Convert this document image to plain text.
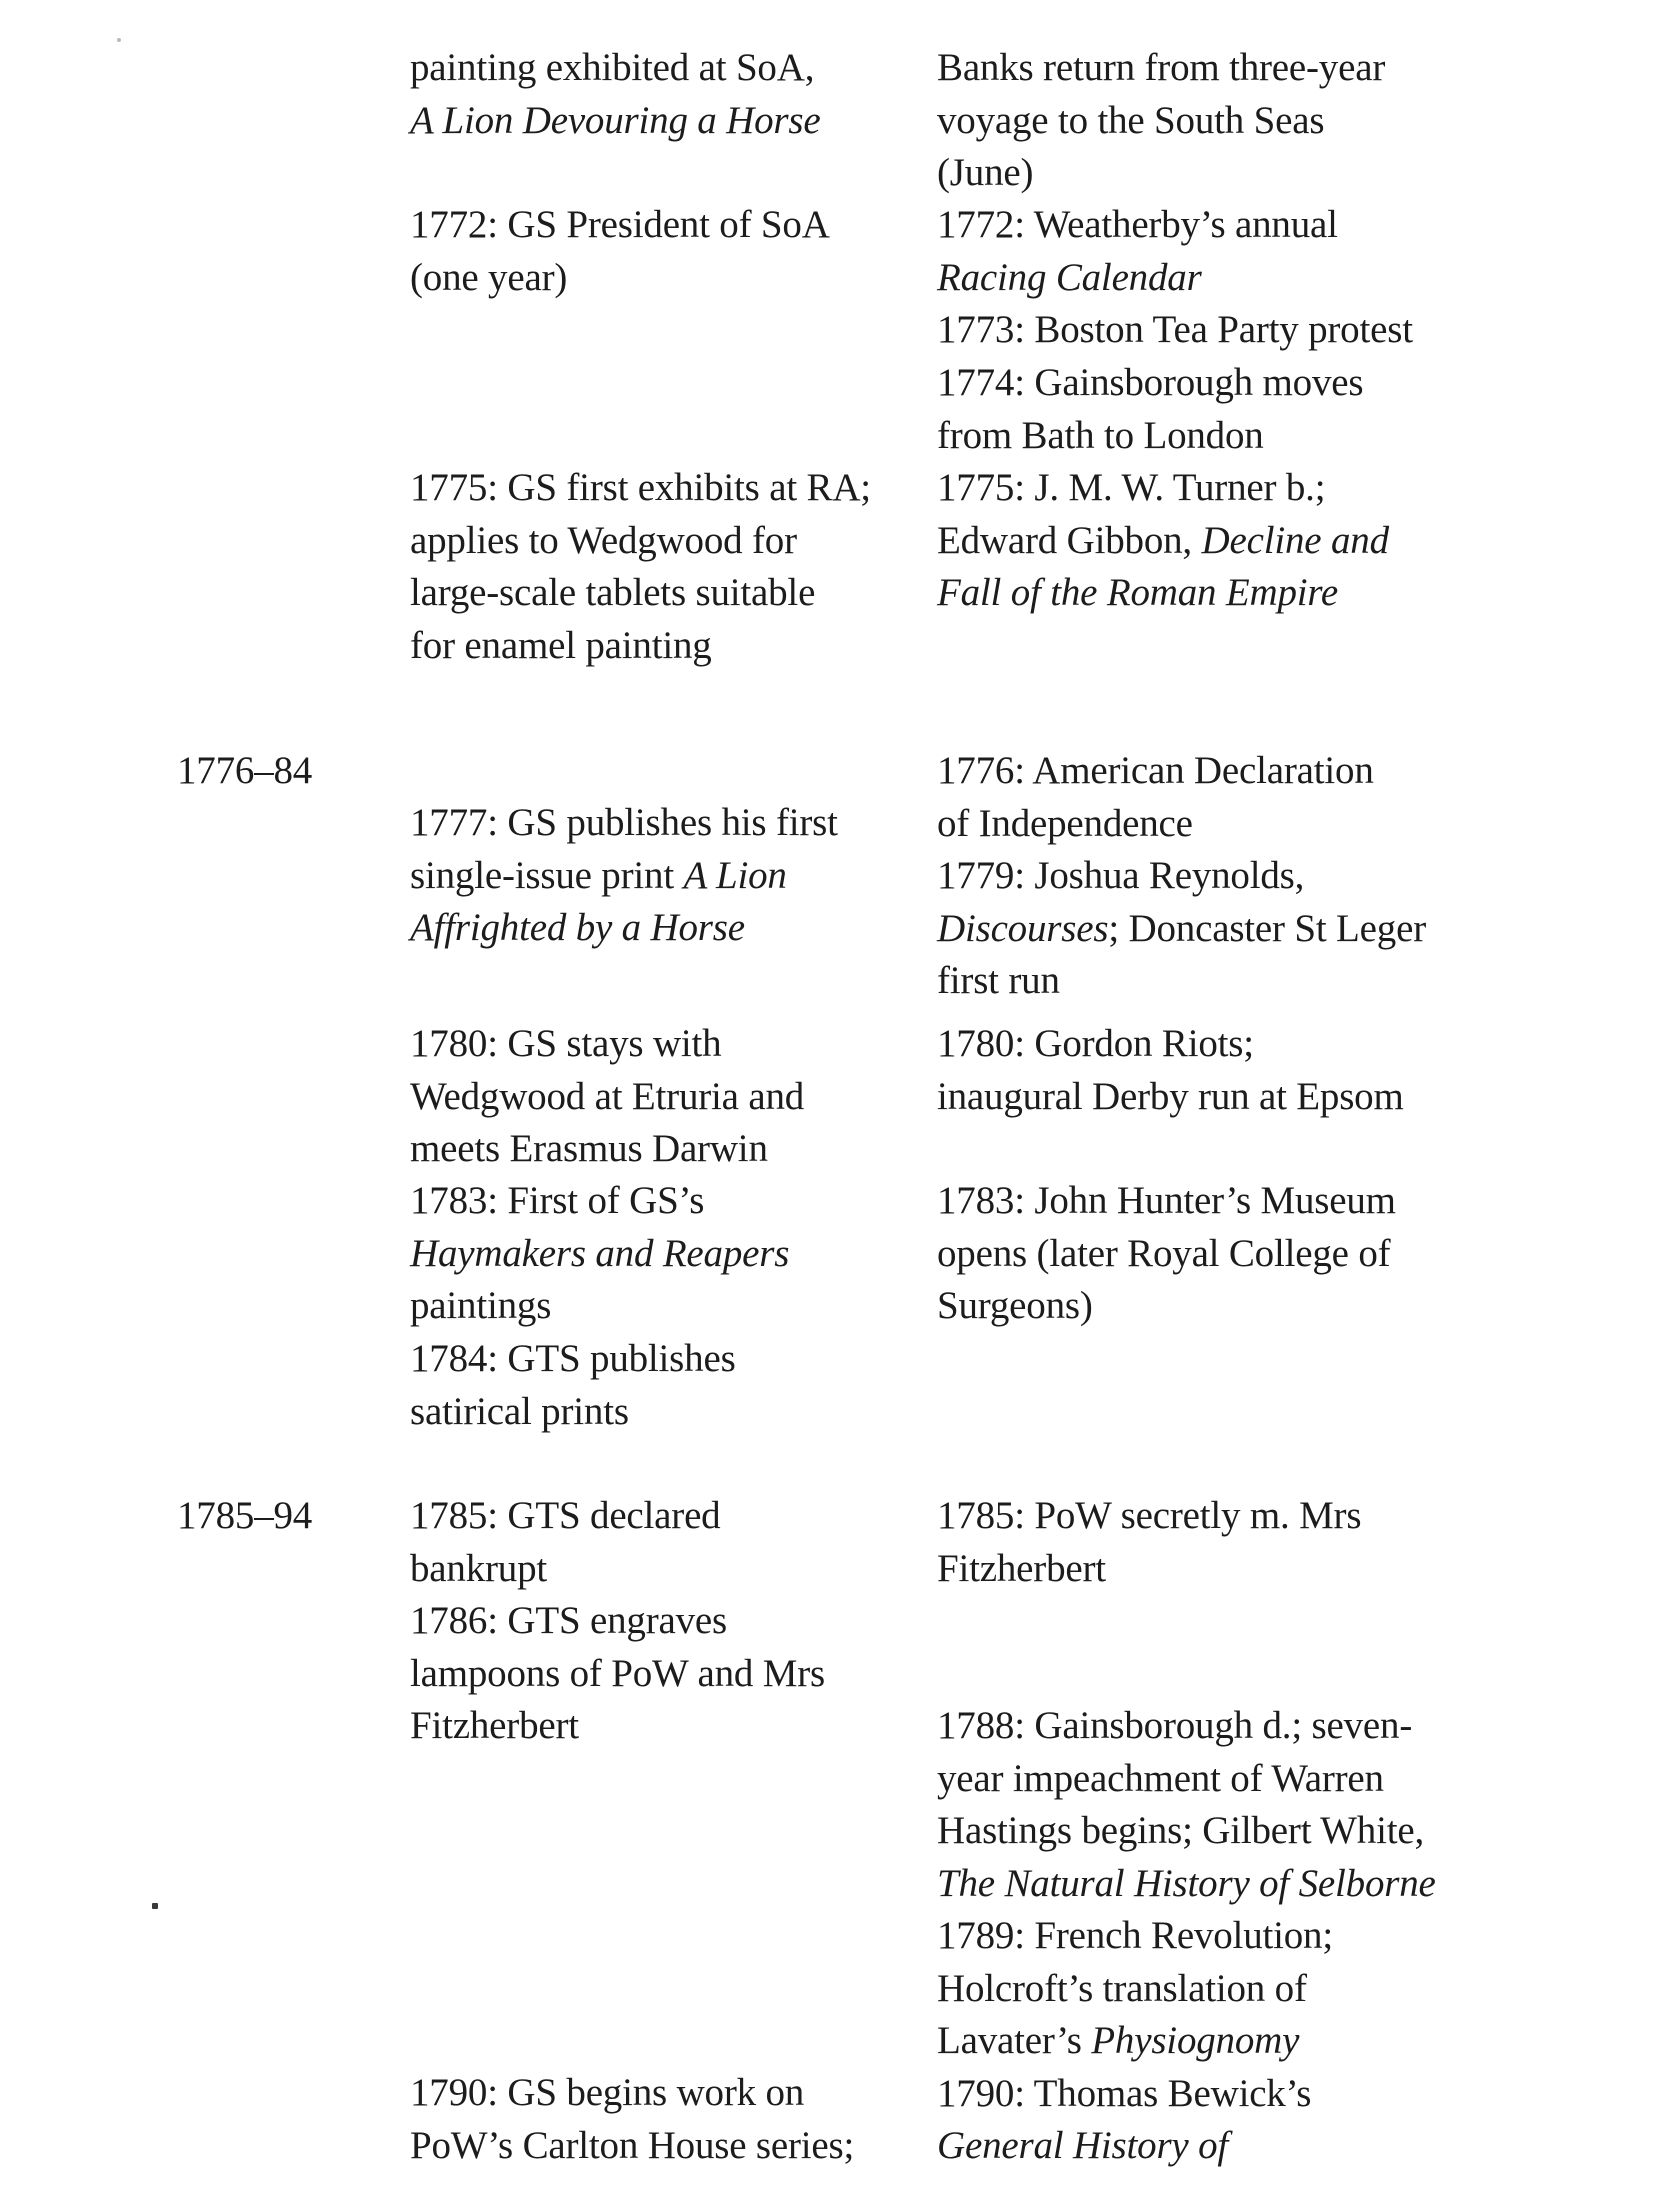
1776–84
1785–94
painting exhibited at SoA,
A Lion Devouring a Horse
1772: GS President of SoA
(one year)
1775: GS first exhibits at RA;
applies to Wedgwood for
large-scale tablets suitable
for enamel painting
1777: GS publishes his first
single-issue print A Lion
Affrighted by a Horse
1780: GS stays with
Wedgwood at Etruria and
meets Erasmus Darwin
1783: First of GS’s
Haymakers and Reapers
paintings
1784: GTS publishes
satirical prints
1785: GTS declared
bankrupt
1786: GTS engraves
lampoons of PoW and Mrs
Fitzherbert
1790: GS begins work on
PoW’s Carlton House series;
Banks return from three-year
voyage to the South Seas
(June)
1772: Weatherby’s annual
Racing Calendar
1773: Boston Tea Party protest
1774: Gainsborough moves
from Bath to London
1775: J. M. W. Turner b.;
Edward Gibbon, Decline and
Fall of the Roman Empire
1776: American Declaration
of Independence
1779: Joshua Reynolds,
Discourses; Doncaster St Leger
first run
1780: Gordon Riots;
inaugural Derby run at Epsom
1783: John Hunter’s Museum
opens (later Royal College of
Surgeons)
1785: PoW secretly m. Mrs
Fitzherbert
1788: Gainsborough d.; seven-
year impeachment of Warren
Hastings begins; Gilbert White,
The Natural History of Selborne
1789: French Revolution;
Holcroft’s translation of
Lavater’s Physiognomy
1790: Thomas Bewick’s
General History of
